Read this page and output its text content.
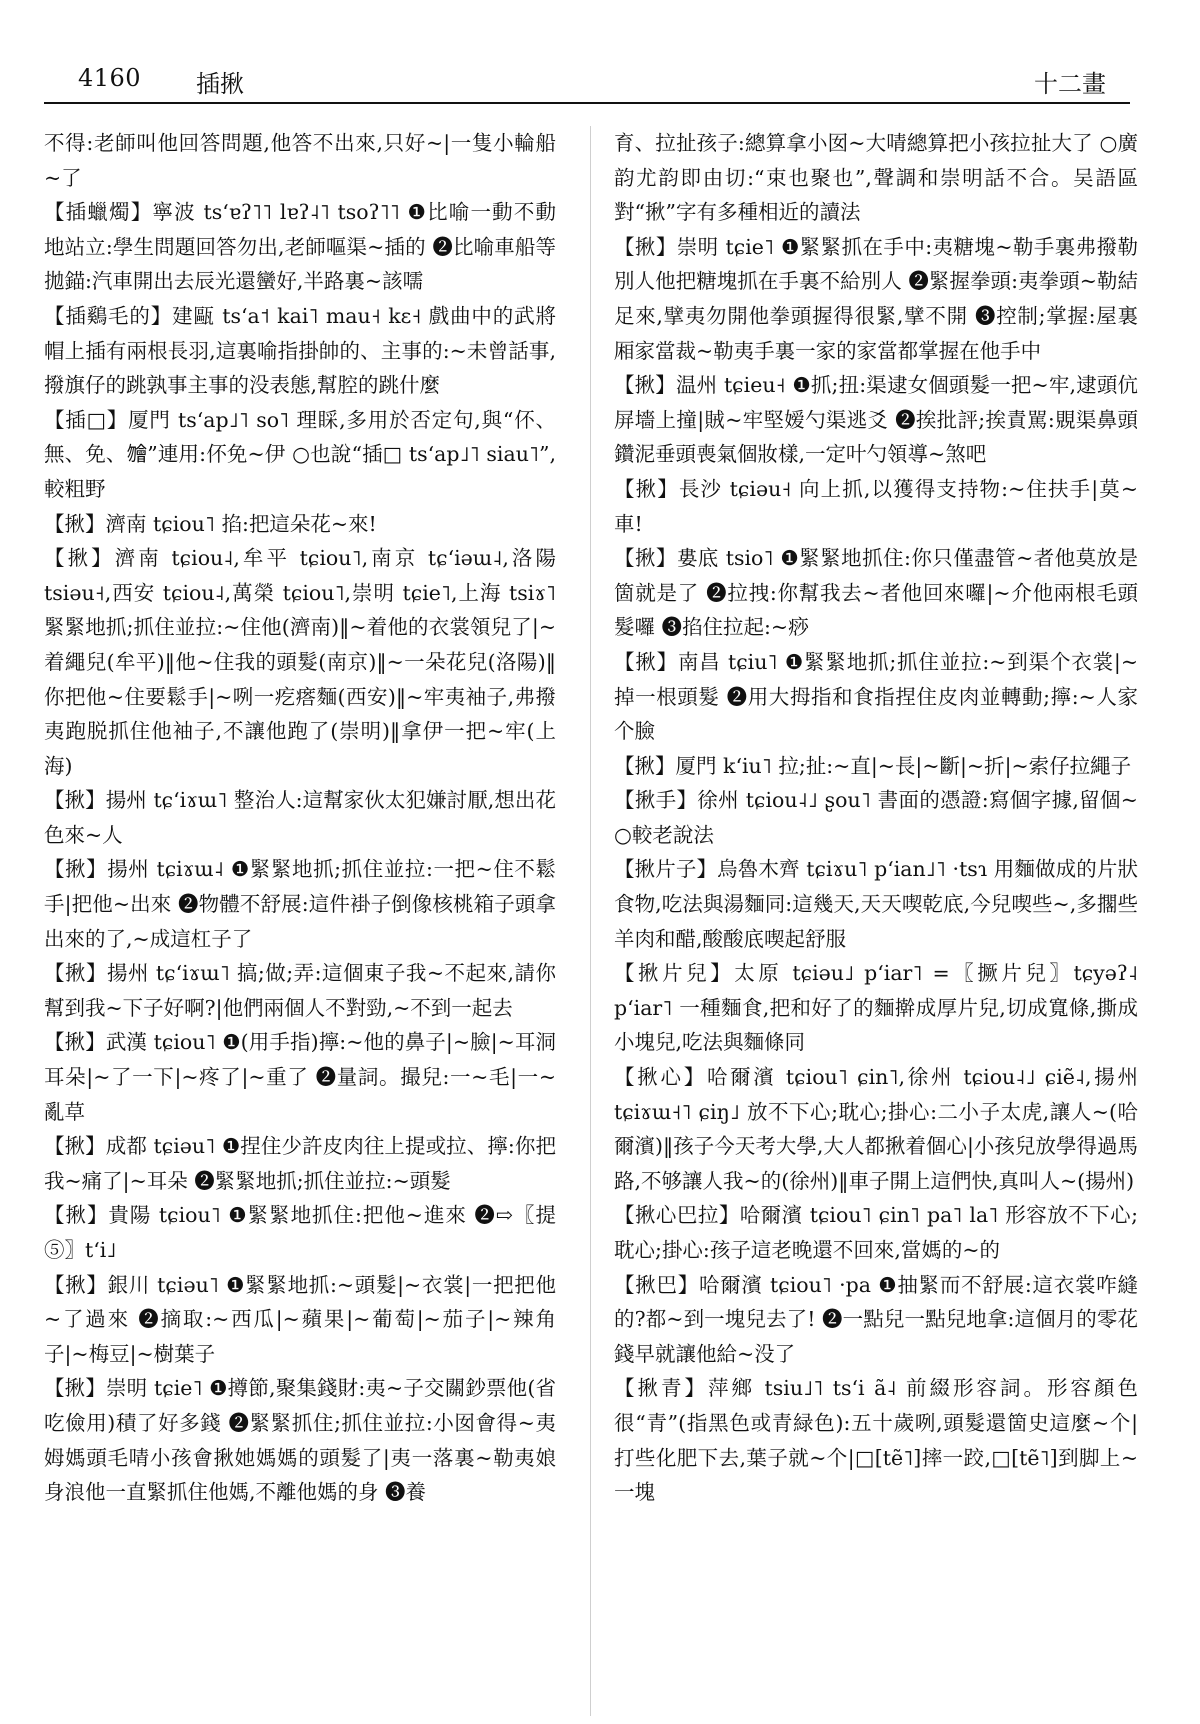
4160 插揪	十二畫

不得:老師叫他回答問題,他答不出來,只好~|一隻小輪船~了

【插蠟燭】寧波 tsʻɐʔ˥˥ lɐʔ˨˥ tsoʔ˥˥ ❶比喻一動不動地站立:學生問題回答勿出,老師嘔渠~插的 ❷比喻車船等拋錨:汽車開出去辰光還蠻好,半路裏~該嚅

【插鷄毛的】建甌 tsʻa˦ kai˥ mau˧ kɛ˧ 戲曲中的武將帽上插有兩根長羽,這裏喻指掛帥的、主事的:~未曾話事,撥旗仔的跳孰事主事的没表態,幫腔的跳什麼

【插□】厦門 tsʻap˩˥ so˥ 理睬,多用於否定句,與“伓、無、免、𣍐”連用:伓免~伊 ○也說“插□ tsʻap˩˥ siau˥”,較粗野

【揪】濟南 tɕiou˥ 掐:把這朵花~來!

【揪】濟南 tɕiou˨,牟平 tɕiou˥,南京 tɕʻiəɯ˨,洛陽 tsiəu˧,西安 tɕiou˨,萬榮 tɕiou˥,崇明 tɕie˥,上海 tsiɤ˥ 緊緊地抓;抓住並拉:~住他(濟南)‖~着他的衣裳領兒了|~着繩兒(牟平)‖他~住我的頭髮(南京)‖~一朵花兒(洛陽)‖你把他~住要鬆手|~咧一疙瘩麵(西安)‖~牢夷袖子,弗撥夷跑脱抓住他袖子,不讓他跑了(崇明)‖拿伊一把~牢(上海)

【揪】揚州 tɕʻiɤɯ˥ 整治人:這幫家伙太犯嫌討厭,想出花色來~人

【揪】揚州 tɕiɤɯ˨ ❶緊緊地抓;抓住並拉:一把~住不鬆手|把他~出來 ❷物體不舒展:這件褂子倒像核桃箱子頭拿出來的了,~成這杠子了

【揪】揚州 tɕʻiɤɯ˥ 搞;做;弄:這個東子我~不起來,請你幫到我~下子好啊?|他們兩個人不對勁,~不到一起去

【揪】武漢 tɕiou˥ ❶(用手指)擰:~他的鼻子|~臉|~耳洞耳朵|~了一下|~疼了|~重了 ❷量詞。撮兒:一~毛|一~亂草

【揪】成都 tɕiəu˥ ❶捏住少許皮肉往上提或拉、擰:你把我~痛了|~耳朵 ❷緊緊地抓;抓住並拉:~頭髮

【揪】貴陽 tɕiou˥ ❶緊緊地抓住:把他~進來 ❷⇨〖提⑤〗tʻi˩

【揪】銀川 tɕiəu˥ ❶緊緊地抓:~頭髮|~衣裳|一把把他~了過來 ❷摘取:~西瓜|~蘋果|~葡萄|~茄子|~辣角子|~梅豆|~樹葉子

【揪】崇明 tɕie˥ ❶撙節,聚集錢財:夷~子交關鈔票他(省吃儉用)積了好多錢 ❷緊緊抓住;抓住並拉:小囡會得~夷姆媽頭毛啨小孩會揪她媽媽的頭髮了|夷一落裏~勒夷娘身浪他一直緊抓住他媽,不離他媽的身 ❸養

育、拉扯孩子:總算拿小囡~大啨總算把小孩拉扯大了 ○廣韵尤韵即由切:“束也聚也”,聲調和崇明話不合。吴語區對“揪”字有多種相近的讀法

【揪】崇明 tɕie˥ ❶緊緊抓在手中:夷糖塊~勒手裏弗撥勒別人他把糖塊抓在手裏不給別人 ❷緊握拳頭:夷拳頭~勒結足來,擘夷勿開他拳頭握得很緊,擘不開 ❸控制;掌握:屋裏厢家當裁~勒夷手裏一家的家當都掌握在他手中

【揪】温州 tɕieu˧ ❶抓;扭:渠逮女個頭髮一把~牢,逮頭伉屏墻上撞|賊~牢堅嫒勺渠逃爻 ❷挨批評;挨責駡:覞渠鼻頭鑽泥垂頭喪氣個妝樣,一定叶勺領導~煞吧

【揪】長沙 tɕiəu˧ 向上抓,以獲得支持物:~住扶手|莫~車!

【揪】婁底 tsio˥ ❶緊緊地抓住:你只僅盡管~者他莫放是箇就是了 ❷拉拽:你幫我去~者他回來囉|~介他兩根毛頭髮囉 ❸掐住拉起:~痧

【揪】南昌 tɕiu˥ ❶緊緊地抓;抓住並拉:~到渠个衣裳|~掉一根頭髮 ❷用大拇指和食指捏住皮肉並轉動;擰:~人家个臉

【揪】厦門 kʻiu˥ 拉;扯:~直|~長|~斷|~折|~索仔拉繩子

【揪手】徐州 tɕiou˨˩ ʂou˥ 書面的憑證:寫個字據,留個~ ○較老說法

【揪片子】烏魯木齊 tɕiɤu˥ pʻian˩˥ ·tsɿ 用麵做成的片狀食物,吃法與湯麵同:這幾天,天天喫乾底,今兒喫些~,多擱些羊肉和醋,酸酸底喫起舒服

【揪片兒】太原 tɕiəu˩ pʻiar˥ =〖撅片兒〗tɕyəʔ˨ pʻiar˥ 一種麵食,把和好了的麵擀成厚片兒,切成寬條,撕成小塊兒,吃法與麵條同

【揪心】哈爾濱 tɕiou˥ ɕin˥,徐州 tɕiou˨˩ ɕiẽ˨,揚州 tɕiɤɯ˧˥ ɕiŋ˩ 放不下心;耽心;掛心:二小子太虎,讓人~(哈爾濱)‖孩子今天考大學,大人都揪着個心|小孩兒放學得過馬路,不够讓人我~的(徐州)‖車子開上這們快,真叫人~(揚州)

【揪心巴拉】哈爾濱 tɕiou˥ ɕin˥ pa˥ la˥ 形容放不下心;耽心;掛心:孩子這老晚還不回來,當媽的~的

【揪巴】哈爾濱 tɕiou˥ ·pa ❶抽緊而不舒展:這衣裳咋縫的?都~到一塊兒去了! ❷一點兒一點兒地拿:這個月的零花錢早就讓他給~没了

【揪青】萍鄉 tsiu˩˥ tsʻi ã˨ 前綴形容詞。形容顏色很“青”(指黑色或青緑色):五十歲咧,頭髮還箇史這麼~个|打些化肥下去,葉子就~个|□[tẽ˥]摔一跤,□[tẽ˥]到脚上~一塊
